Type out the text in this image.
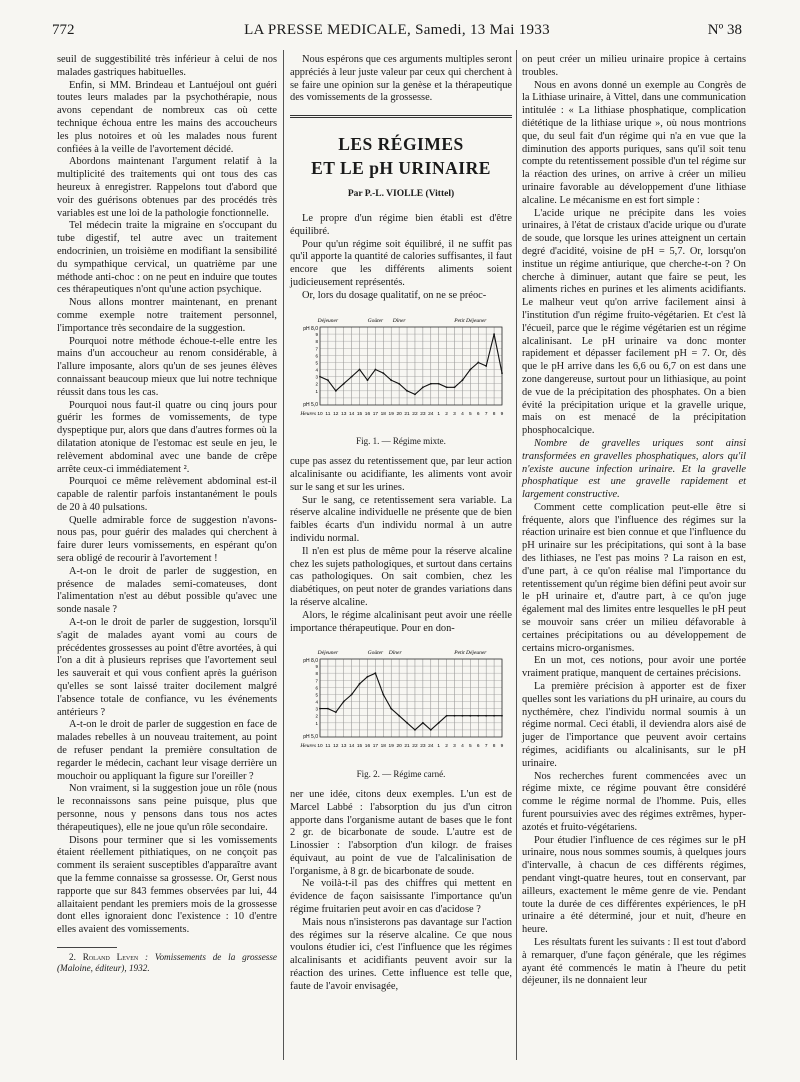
772	LA PRESSE MEDICALE, Samedi, 13 Mai 1933	Nº 38

seuil de suggestibilité très inférieur à celui de nos malades gastriques habituelles.

Enfin, si MM. Brindeau et Lantuéjoul ont guéri toutes leurs malades par la psychothérapie, nous avons cependant de nombreux cas où cette technique échoua entre les mains des accoucheurs les plus notoires et où les malades nous furent confiées à la veille de l'avortement décidé.

Abordons maintenant l'argument relatif à la multiplicité des traitements qui ont tous des cas heureux à enregistrer. Rappelons tout d'abord que voir des guérisons obtenues par des procédés très variables est une loi de la pathologie fonctionnelle.

Tel médecin traite la migraine en s'occupant du tube digestif, tel autre avec un traitement endocrinien, un troisième en modifiant la sensibilité du sympathique cervical, un quatrième par une méthode anti-choc : on ne peut en induire que toutes ces thérapeutiques n'ont qu'une action psychique.

Nous allons montrer maintenant, en prenant comme exemple notre traitement personnel, l'importance très secondaire de la suggestion.

Pourquoi notre méthode échoue-t-elle entre les mains d'un accoucheur au renom considérable, à l'allure imposante, alors qu'un de ses jeunes élèves connaissant beaucoup mieux que lui notre technique réussit dans tous les cas.

Pourquoi nous faut-il quatre ou cinq jours pour guérir les formes de vomissements, de type dyspeptique pur, alors que dans d'autres formes où la dilatation atonique de l'estomac est seule en jeu, le relèvement abdominal avec une bande de crêpe arrête ceux-ci immédiatement ².

Pourquoi ce même relèvement abdominal est-il capable de ralentir parfois instantanément le pouls de 20 à 40 pulsations.

Quelle admirable force de suggestion n'avons-nous pas, pour guérir des malades qui cherchent à faire durer leurs vomissements, en espérant qu'on sera obligé de recourir à l'avortement !

A-t-on le droit de parler de suggestion, en présence de malades semi-comateuses, dont l'alimentation n'est au début possible qu'avec une sonde nasale ?

A-t-on le droit de parler de suggestion, lorsqu'il s'agit de malades ayant vomi au cours de précédentes grossesses au point d'être avortées, à qui l'on a dit à plusieurs reprises que l'avortement seul les sauverait et qui vous confient après la guérison qu'elles se sont laissé traiter docilement malgré l'absence totale de confiance, vu les événements antérieurs ?

A-t-on le droit de parler de suggestion en face de malades rebelles à un nouveau traitement, au point de refuser pendant la première consultation de regarder le médecin, cachant leur visage derrière un mouchoir ou appliquant la figure sur l'oreiller ?

Non vraiment, si la suggestion joue un rôle (nous le reconnaissons sans peine puisque, plus que personne, nous y pensons dans tous nos actes thérapeutiques), elle ne joue qu'un rôle secondaire.

Disons pour terminer que si les vomissements étaient réellement pithiatiques, on ne conçoit pas comment ils seraient susceptibles d'apparaître avant que la femme connaisse sa grossesse. Or, Gerst nous rapporte que sur 843 femmes observées par lui, 44 allaitaient pendant les premiers mois de la grossesse dont elles ignoraient donc l'existence : 10 d'entre elles avaient des vomissements.

2. Roland Leven : Vomissements de la grossesse (Maloine, éditeur), 1932.

Nous espérons que ces arguments multiples seront appréciés à leur juste valeur par ceux qui cherchent à se faire une opinion sur la genèse et la thérapeutique des vomissements de la grossesse.

LES RÉGIMES
ET LE pH URINAIRE
Par P.-L. VIOLLE (Vittel)

Le propre d'un régime bien établi est d'être équilibré.

Pour qu'un régime soit équilibré, il ne suffit pas qu'il apporte la quantité de calories suffisantes, il faut encore que les différents aliments soient judicieusement représentés.

Or, lors du dosage qualitatif, on ne se préoc-

Déjeuner	Goûter Dîner	Petit Déjeuner
pH 8,0
9
8
7
6
5
4
3
2
1
pH 5,0
Heures 10 11 12 13 14 15 16 17 18 19 20 21 22 23 24 1 2 3 4 5 6 7 8 9
Fig. 1. — Régime mixte.

cupe pas assez du retentissement que, par leur action alcalinisante ou acidifiante, les aliments vont avoir sur le sang et sur les urines.

Sur le sang, ce retentissement sera variable. La réserve alcaline individuelle ne présente que de bien faibles écarts d'un individu normal à un autre individu normal.

Il n'en est plus de même pour la réserve alcaline chez les sujets pathologiques, et surtout dans certains cas pathologiques. On sait combien, chez les diabétiques, on peut noter de grandes variations dans la réserve alcaline.

Alors, le régime alcalinisant peut avoir une réelle importance thérapeutique. Pour en don-

Déjeuner	Goûter Dîner	Petit Déjeuner
pH 8,0
9
8
7
6
5
4
3
2
1
pH 5,0
Heures 10 11 12 13 14 15 16 17 18 19 20 21 22 23 24 1 2 3 4 5 6 7 8 9
Fig. 2. — Régime carné.

ner une idée, citons deux exemples. L'un est de Marcel Labbé : l'absorption du jus d'un citron apporte dans l'organisme autant de bases que le font 2 gr. de bicarbonate de soude. L'autre est de Linossier : l'absorption d'un kilogr. de fraises équivaut, au point de vue de l'alcalinisation de l'organisme, à 8 gr. de bicarbonate de soude.

Ne voilà-t-il pas des chiffres qui mettent en évidence de façon saisissante l'importance qu'un régime fruitarien peut avoir en cas d'acidose ?

Mais nous n'insisterons pas davantage sur l'action des régimes sur la réserve alcaline. Ce que nous voulons étudier ici, c'est l'influence que les régimes alcalinisants et acidifiants peuvent avoir sur la réaction des urines. Cette influence est telle que, faute de l'avoir envisagée,

on peut créer un milieu urinaire propice à certains troubles.

Nous en avons donné un exemple au Congrès de la Lithiase urinaire, à Vittel, dans une communication intitulée : « La lithiase phosphatique, complication diététique de la lithiase urique », où nous montrions que, du seul fait d'un régime qui n'a en vue que la diminution des apports puriques, sans qu'il soit tenu compte du retentissement possible d'un tel régime sur la réaction des urines, on arrive à créer un milieu urinaire favorable au développement d'une lithiase alcaline. Le mécanisme en est fort simple :

L'acide urique ne précipite dans les voies urinaires, à l'état de cristaux d'acide urique ou d'urate de soude, que lorsque les urines atteignent un certain degré d'acidité, voisine de pH = 5,7. Or, lorsqu'on institue un régime antiurique, que cherche-t-on ? On cherche à diminuer, autant que faire se peut, les aliments riches en purines et les aliments acidifiants. Le malheur veut qu'on arrive facilement ainsi à l'institution d'un régime fruito-végétarien. Et c'est là l'écueil, parce que le régime végétarien est un régime alcalinisant. Le pH urinaire va donc monter rapidement et dépasser facilement pH = 7. Or, dès que le pH arrive dans les 6,6 ou 6,7 on est dans une zone dangereuse, surtout pour un lithiasique, au point de vue de la précipitation des phosphates. On a bien évité la précipitation urique et la gravelle urique, mais on est menacé de la précipitation phosphocalcique.

Nombre de gravelles uriques sont ainsi transformées en gravelles phosphatiques, alors qu'il n'existe aucune infection urinaire. Et la gravelle phosphatique est une gravelle rapidement et largement constructive.

Comment cette complication peut-elle être si fréquente, alors que l'influence des régimes sur la réaction urinaire est bien connue et que l'influence du pH urinaire sur les précipitations, qui sont à la base des lithiases, ne l'est pas moins ? La raison en est, d'une part, à ce qu'on réalise mal l'importance du retentissement qu'un régime bien défini peut avoir sur le pH urinaire et, d'autre part, à ce qu'on juge également mal des limites entre lesquelles le pH peut se mouvoir sans créer un milieu défavorable à certaines précipitations ou au développement de certains micro-organismes.

En un mot, ces notions, pour avoir une portée vraiment pratique, manquent de certaines précisions.

La première précision à apporter est de fixer quelles sont les variations du pH urinaire, au cours du nycthémère, chez l'individu normal soumis à un régime normal. Ceci établi, il deviendra alors aisé de juger de l'importance que peuvent avoir certains régimes, acidifiants ou alcalinisants, sur le pH urinaire.

Nos recherches furent commencées avec un régime mixte, ce régime pouvant être considéré comme le régime normal de l'homme. Puis, elles furent poursuivies avec des régimes extrêmes, hyper-azotés et fruito-végétariens.

Pour étudier l'influence de ces régimes sur le pH urinaire, nous nous sommes soumis, à quelques jours d'intervalle, à chacun de ces différents régimes, pendant vingt-quatre heures, tout en conservant, par ailleurs, exactement le même genre de vie. Pendant toute la durée de ces différentes expériences, le pH urinaire a été déterminé, jour et nuit, d'heure en heure.

Les résultats furent les suivants : Il est tout d'abord à remarquer, d'une façon générale, que les régimes ayant été commencés le matin à l'heure du petit déjeuner, ils ne donnaient leur
